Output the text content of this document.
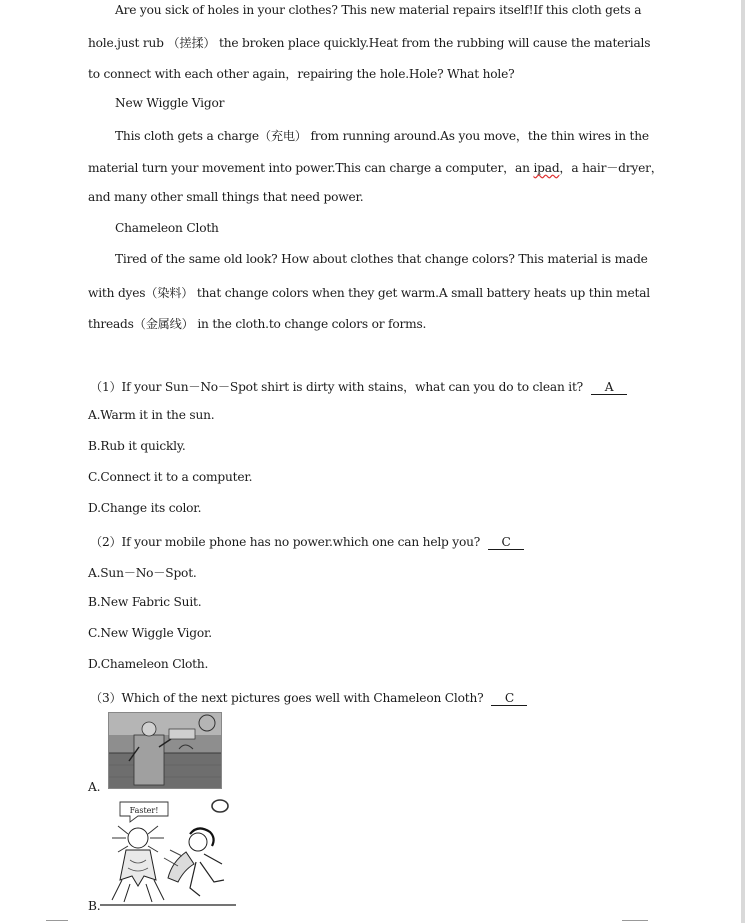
Are you sick of holes in your clothes? This new material repairs itself!If this cloth gets a
hole.just rub （搓揉） the broken place quickly.Heat from the rubbing will cause the materials
to connect with each other again，repairing the hole.Hole? What hole?
New Wiggle Vigor
This cloth gets a charge（充电） from running around.As you move，the thin wires in the
material turn your movement into power.This can charge a computer，an ipad，a hair－dryer，
and many other small things that need power.
Chameleon Cloth
Tired of the same old look? How about clothes that change colors? This material is made
with dyes（染料） that change colors when they get warm.A small battery heats up thin metal
threads（金属线） in the cloth.to change colors or forms.
（1）If your Sun－No－Spot shirt is dirty with stains，what can you do to clean it? A
A.Warm it in the sun.
B.Rub it quickly.
C.Connect it to a computer.
D.Change its color.
（2）If your mobile phone has no power.which one can help you? C
A.Sun－No－Spot.
B.New Fabric Suit.
C.New Wiggle Vigor.
D.Chameleon Cloth.
（3）Which of the next pictures goes well with Chameleon Cloth? C
A.
Faster!
B.
